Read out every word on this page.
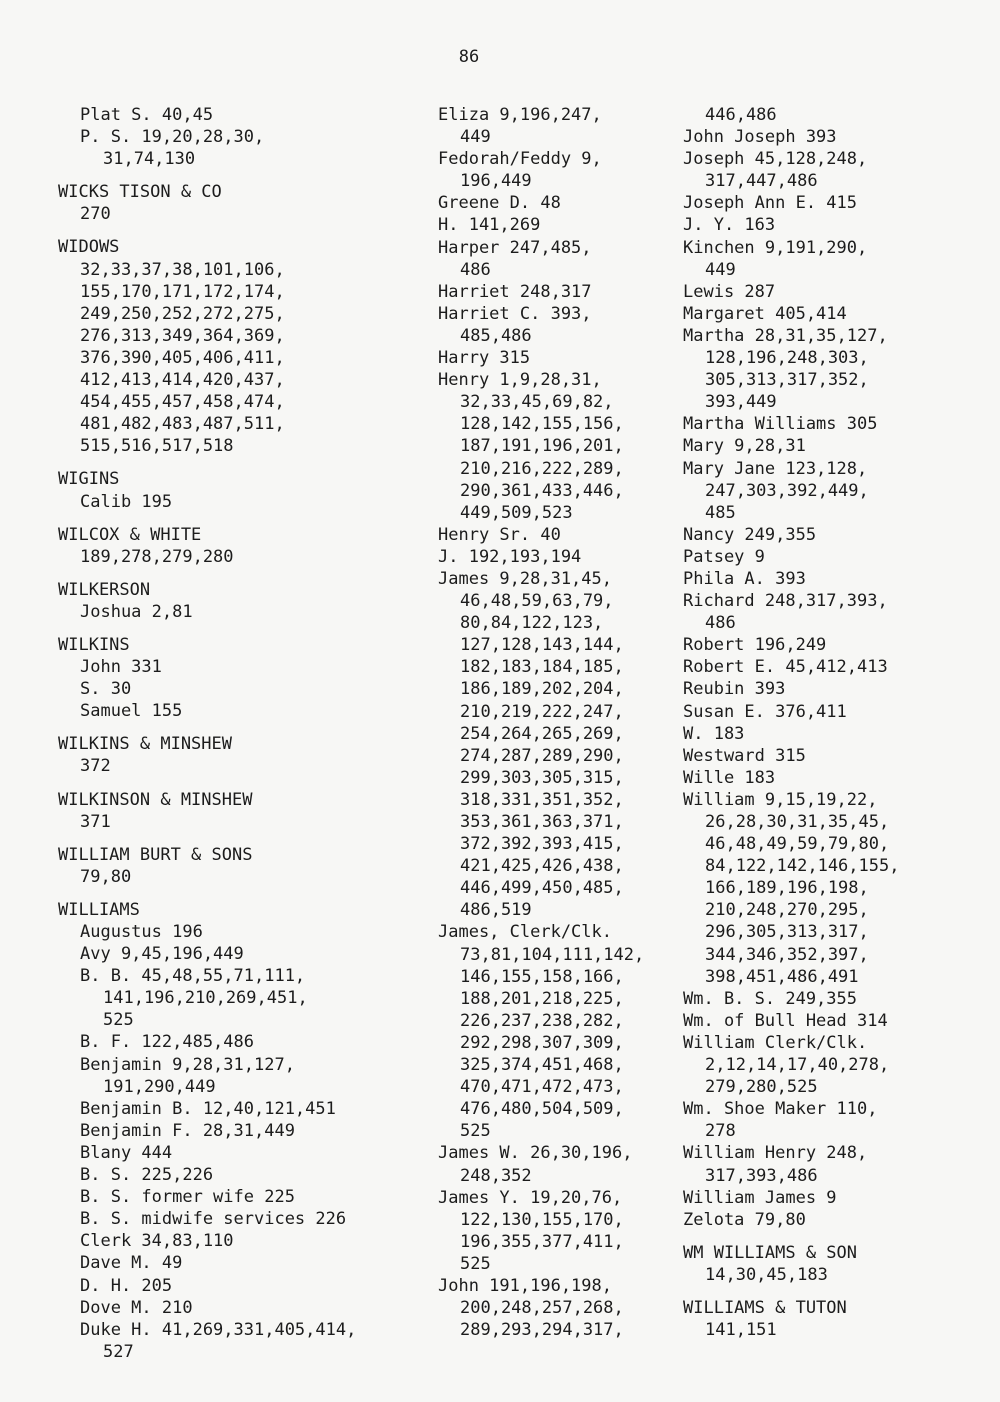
86
Plat S. 40,45
P. S. 19,20,28,30,
31,74,130
WICKS TISON & CO
270
WIDOWS
32,33,37,38,101,106,
155,170,171,172,174,
249,250,252,272,275,
276,313,349,364,369,
376,390,405,406,411,
412,413,414,420,437,
454,455,457,458,474,
481,482,483,487,511,
515,516,517,518
WIGINS
Calib 195
WILCOX & WHITE
189,278,279,280
WILKERSON
Joshua 2,81
WILKINS
John 331
S. 30
Samuel 155
WILKINS & MINSHEW
372
WILKINSON & MINSHEW
371
WILLIAM BURT & SONS
79,80
WILLIAMS
Augustus 196
Avy 9,45,196,449
B. B. 45,48,55,71,111,
141,196,210,269,451,
525
B. F. 122,485,486
Benjamin 9,28,31,127,
191,290,449
Benjamin B. 12,40,121,451
Benjamin F. 28,31,449
Blany 444
B. S. 225,226
B. S. former wife 225
B. S. midwife services 226
Clerk 34,83,110
Dave M. 49
D. H. 205
Dove M. 210
Duke H. 41,269,331,405,414,
527
Eliza 9,196,247,
449
Fedorah/Feddy 9,
196,449
Greene D. 48
H. 141,269
Harper 247,485,
486
Harriet 248,317
Harriet C. 393,
485,486
Harry 315
Henry 1,9,28,31,
32,33,45,69,82,
128,142,155,156,
187,191,196,201,
210,216,222,289,
290,361,433,446,
449,509,523
Henry Sr. 40
J. 192,193,194
James 9,28,31,45,
46,48,59,63,79,
80,84,122,123,
127,128,143,144,
182,183,184,185,
186,189,202,204,
210,219,222,247,
254,264,265,269,
274,287,289,290,
299,303,305,315,
318,331,351,352,
353,361,363,371,
372,392,393,415,
421,425,426,438,
446,499,450,485,
486,519
James, Clerk/Clk.
73,81,104,111,142,
146,155,158,166,
188,201,218,225,
226,237,238,282,
292,298,307,309,
325,374,451,468,
470,471,472,473,
476,480,504,509,
525
James W. 26,30,196,
248,352
James Y. 19,20,76,
122,130,155,170,
196,355,377,411,
525
John 191,196,198,
200,248,257,268,
289,293,294,317,
446,486
John Joseph 393
Joseph 45,128,248,
317,447,486
Joseph Ann E. 415
J. Y. 163
Kinchen 9,191,290,
449
Lewis 287
Margaret 405,414
Martha 28,31,35,127,
128,196,248,303,
305,313,317,352,
393,449
Martha Williams 305
Mary 9,28,31
Mary Jane 123,128,
247,303,392,449,
485
Nancy 249,355
Patsey 9
Phila A. 393
Richard 248,317,393,
486
Robert 196,249
Robert E. 45,412,413
Reubin 393
Susan E. 376,411
W. 183
Westward 315
Wille 183
William 9,15,19,22,
26,28,30,31,35,45,
46,48,49,59,79,80,
84,122,142,146,155,
166,189,196,198,
210,248,270,295,
296,305,313,317,
344,346,352,397,
398,451,486,491
Wm. B. S. 249,355
Wm. of Bull Head 314
William Clerk/Clk.
2,12,14,17,40,278,
279,280,525
Wm. Shoe Maker 110,
278
William Henry 248,
317,393,486
William James 9
Zelota 79,80
WM WILLIAMS & SON
14,30,45,183
WILLIAMS & TUTON
141,151
